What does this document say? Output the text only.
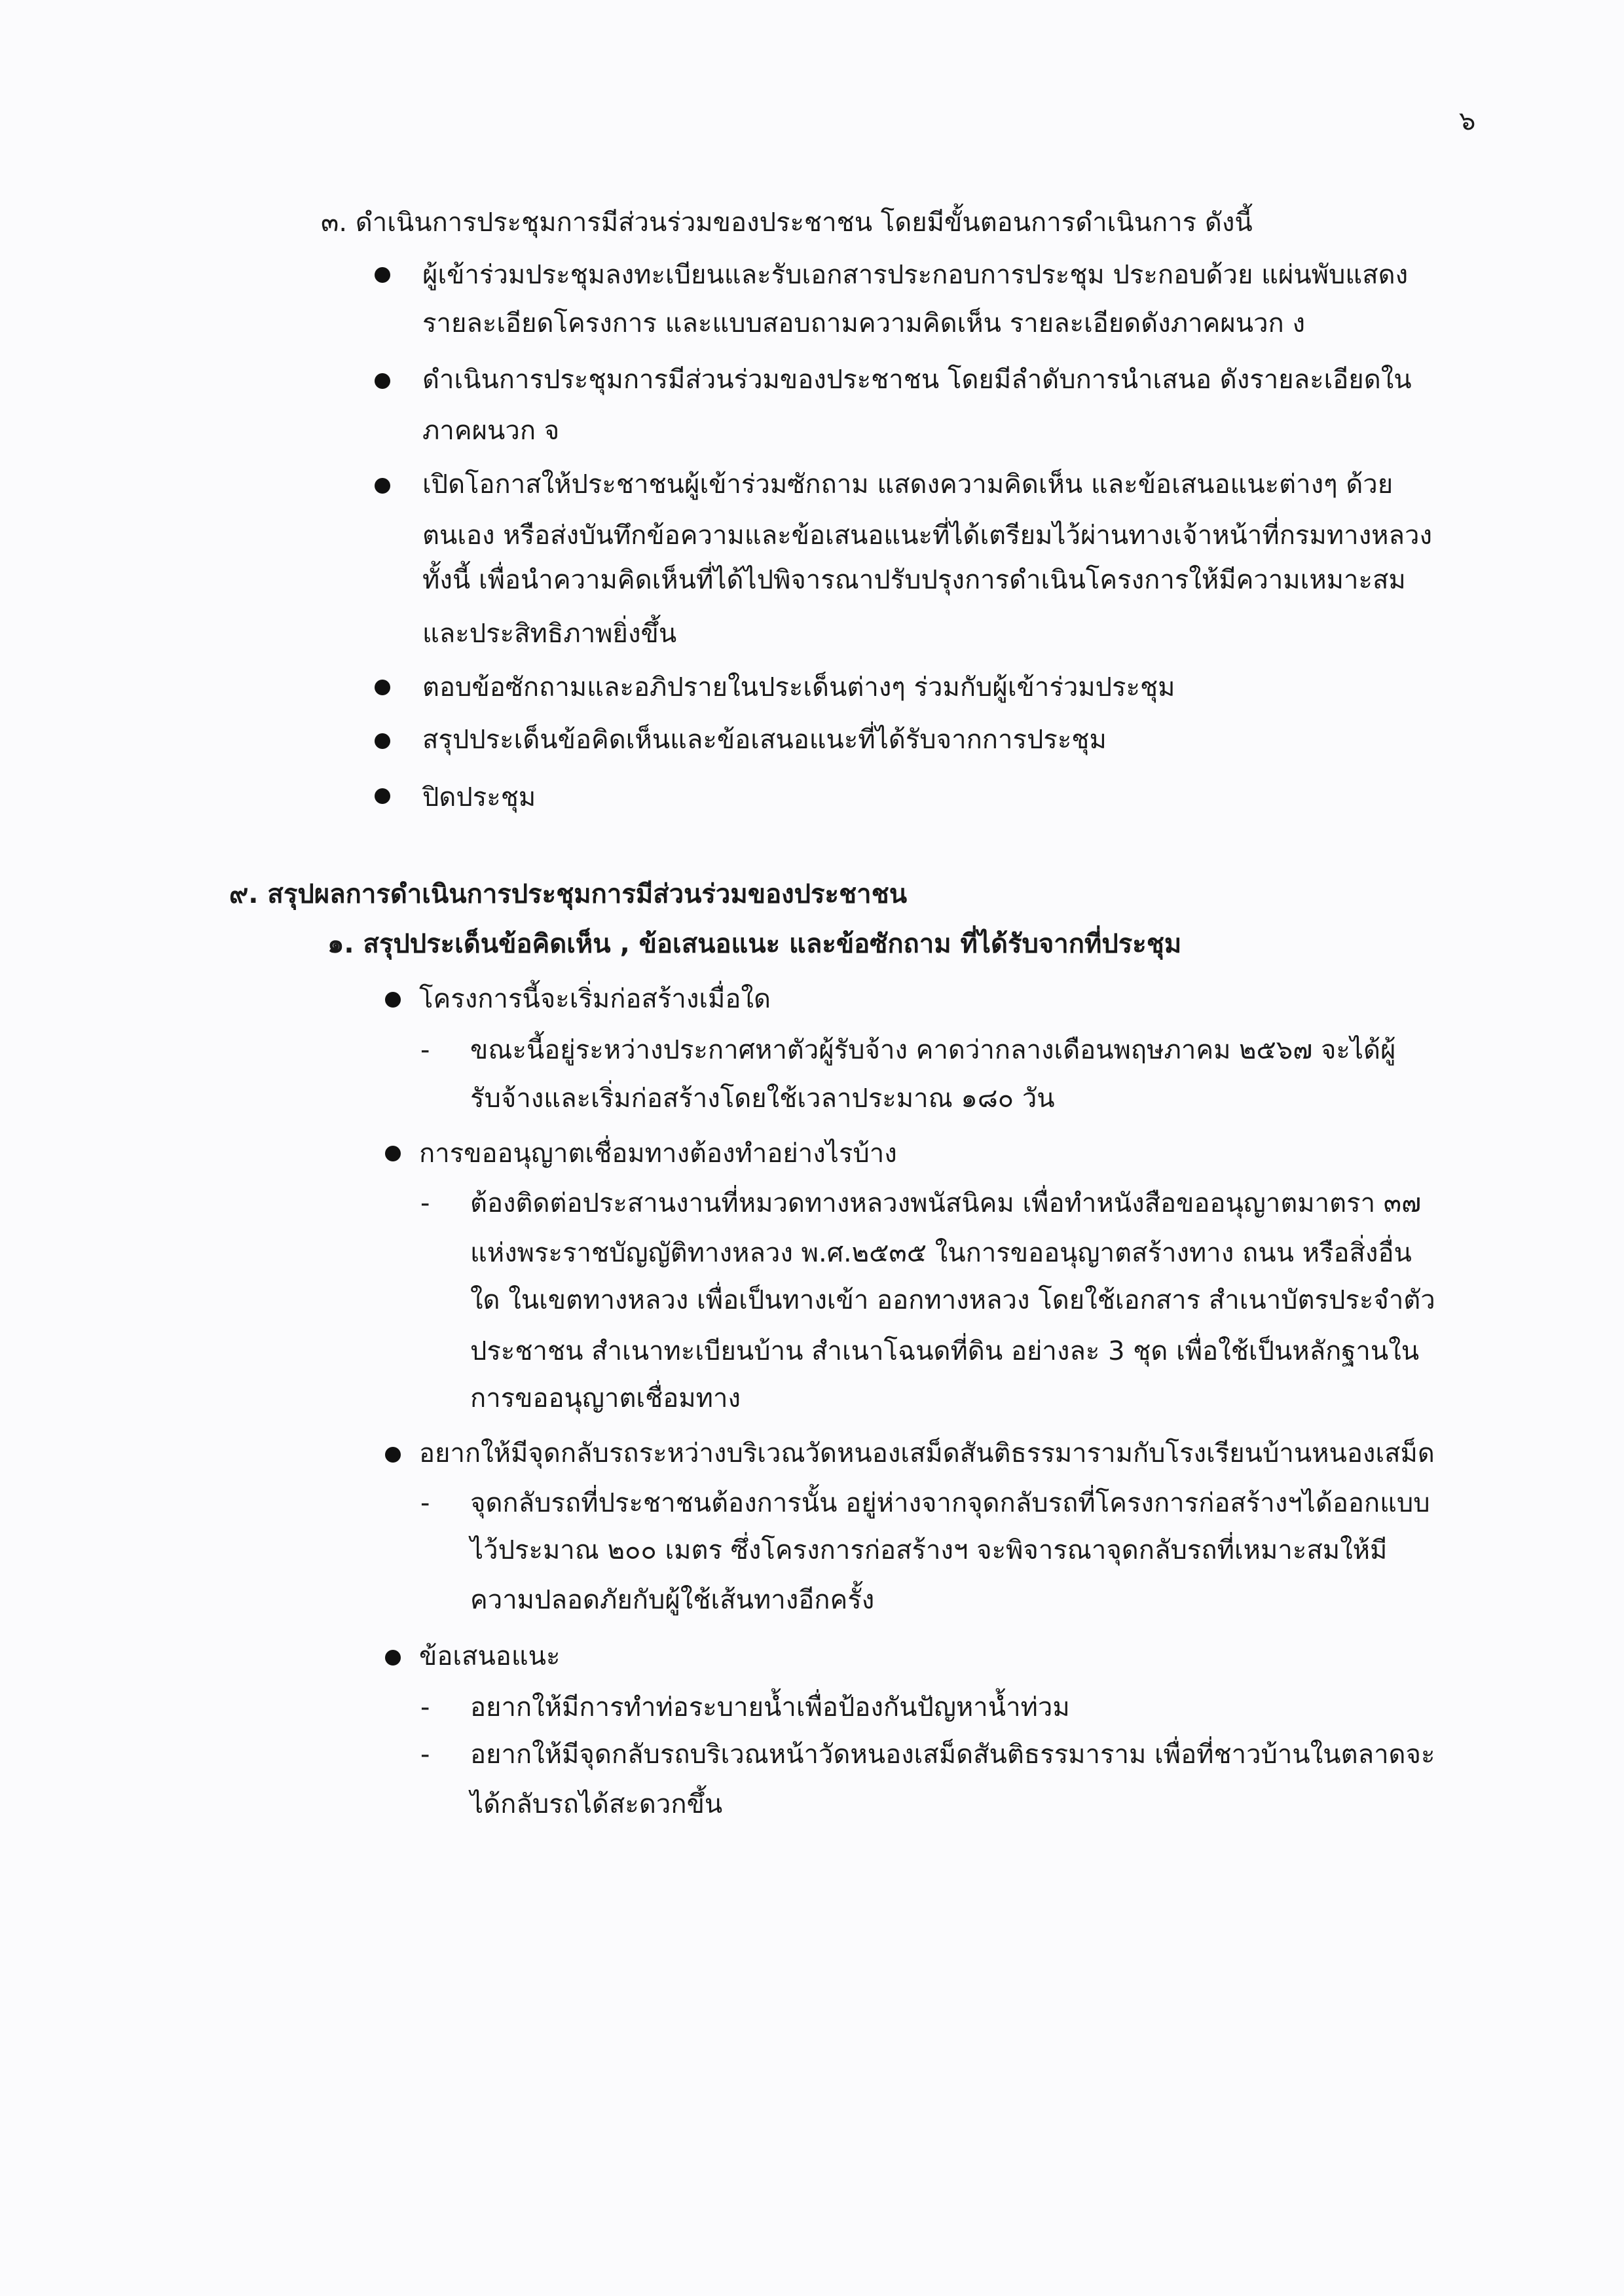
๖
๓. ดำเนินการประชุมการมีส่วนร่วมของประชาชน โดยมีขั้นตอนการดำเนินการ ดังนี้
ผู้เข้าร่วมประชุมลงทะเบียนและรับเอกสารประกอบการประชุม ประกอบด้วย แผ่นพับแสดง
รายละเอียดโครงการ และแบบสอบถามความคิดเห็น รายละเอียดดังภาคผนวก ง
ดำเนินการประชุมการมีส่วนร่วมของประชาชน โดยมีลำดับการนำเสนอ ดังรายละเอียดใน
ภาคผนวก จ
เปิดโอกาสให้ประชาชนผู้เข้าร่วมซักถาม แสดงความคิดเห็น และข้อเสนอแนะต่างๆ ด้วย
ตนเอง หรือส่งบันทึกข้อความและข้อเสนอแนะที่ได้เตรียมไว้ผ่านทางเจ้าหน้าที่กรมทางหลวง
ทั้งนี้ เพื่อนำความคิดเห็นที่ได้ไปพิจารณาปรับปรุงการดำเนินโครงการให้มีความเหมาะสม
และประสิทธิภาพยิ่งขึ้น
ตอบข้อซักถามและอภิปรายในประเด็นต่างๆ ร่วมกับผู้เข้าร่วมประชุม
สรุปประเด็นข้อคิดเห็นและข้อเสนอแนะที่ได้รับจากการประชุม
ปิดประชุม
๙. สรุปผลการดำเนินการประชุมการมีส่วนร่วมของประชาชน
๑. สรุปประเด็นข้อคิดเห็น , ข้อเสนอแนะ และข้อซักถาม ที่ได้รับจากที่ประชุม
โครงการนี้จะเริ่มก่อสร้างเมื่อใด
- ขณะนี้อยู่ระหว่างประกาศหาตัวผู้รับจ้าง คาดว่ากลางเดือนพฤษภาคม ๒๕๖๗ จะได้ผู้
รับจ้างและเริ่มก่อสร้างโดยใช้เวลาประมาณ ๑๘๐ วัน
การขออนุญาตเชื่อมทางต้องทำอย่างไรบ้าง
- ต้องติดต่อประสานงานที่หมวดทางหลวงพนัสนิคม เพื่อทำหนังสือขออนุญาตมาตรา ๓๗
แห่งพระราชบัญญัติทางหลวง พ.ศ.๒๕๓๕ ในการขออนุญาตสร้างทาง ถนน หรือสิ่งอื่น
ใด ในเขตทางหลวง เพื่อเป็นทางเข้า ออกทางหลวง โดยใช้เอกสาร สำเนาบัตรประจำตัว
ประชาชน สำเนาทะเบียนบ้าน สำเนาโฉนดที่ดิน อย่างละ 3 ชุด เพื่อใช้เป็นหลักฐานใน
การขออนุญาตเชื่อมทาง
อยากให้มีจุดกลับรถระหว่างบริเวณวัดหนองเสม็ดสันติธรรมารามกับโรงเรียนบ้านหนองเสม็ด
- จุดกลับรถที่ประชาชนต้องการนั้น อยู่ห่างจากจุดกลับรถที่โครงการก่อสร้างฯได้ออกแบบ
ไว้ประมาณ ๒๐๐ เมตร ซึ่งโครงการก่อสร้างฯ จะพิจารณาจุดกลับรถที่เหมาะสมให้มี
ความปลอดภัยกับผู้ใช้เส้นทางอีกครั้ง
ข้อเสนอแนะ
- อยากให้มีการทำท่อระบายน้ำเพื่อป้องกันปัญหาน้ำท่วม
- อยากให้มีจุดกลับรถบริเวณหน้าวัดหนองเสม็ดสันติธรรมาราม เพื่อที่ชาวบ้านในตลาดจะ
ได้กลับรถได้สะดวกขึ้น
